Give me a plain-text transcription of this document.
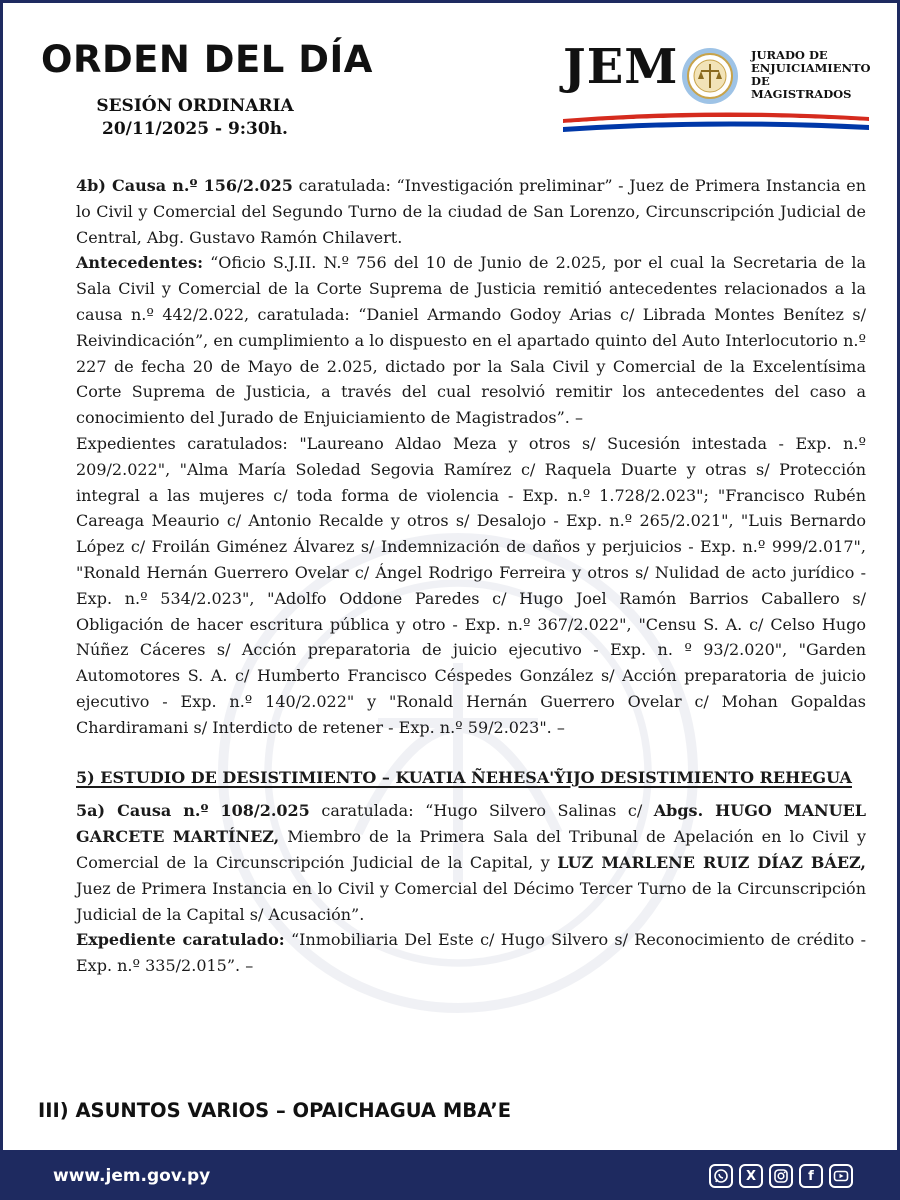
ORDEN DEL DÍA
SESIÓN ORDINARIA
20/11/2025 - 9:30h.
JEM	JURADO DE
ENJUICIAMIENTO
DE MAGISTRADOS

4b) Causa n.º 156/2.025 caratulada: “Investigación preliminar” - Juez de Primera Instancia en lo Civil y Comercial del Segundo Turno de la ciudad de San Lorenzo, Circunscripción Judicial de Central, Abg. Gustavo Ramón Chilavert.

Antecedentes: “Oficio S.J.II. N.º 756 del 10 de Junio de 2.025, por el cual la Secretaria de la Sala Civil y Comercial de la Corte Suprema de Justicia remitió antecedentes relacionados a la causa n.º 442/2.022, caratulada: “Daniel Armando Godoy Arias c/ Librada Montes Benítez s/ Reivindicación”, en cumplimiento a lo dispuesto en el apartado quinto del Auto Interlocutorio n.º 227 de fecha 20 de Mayo de 2.025, dictado por la Sala Civil y Comercial de la Excelentísima Corte Suprema de Justicia, a través del cual resolvió remitir los antecedentes del caso a conocimiento del Jurado de Enjuiciamiento de Magistrados”. –

Expedientes caratulados: "Laureano Aldao Meza y otros s/ Sucesión intestada - Exp. n.º 209/2.022", "Alma María Soledad Segovia Ramírez c/ Raquela Duarte y otras s/ Protección integral a las mujeres c/ toda forma de violencia - Exp. n.º 1.728/2.023"; "Francisco Rubén Careaga Meaurio c/ Antonio Recalde y otros s/ Desalojo - Exp. n.º 265/2.021", "Luis Bernardo López c/ Froilán Giménez Álvarez s/ Indemnización de daños y perjuicios - Exp. n.º 999/2.017", "Ronald Hernán Guerrero Ovelar c/ Ángel Rodrigo Ferreira y otros s/ Nulidad de acto jurídico - Exp. n.º 534/2.023", "Adolfo Oddone Paredes c/ Hugo Joel Ramón Barrios Caballero s/ Obligación de hacer escritura pública y otro - Exp. n.º 367/2.022", "Censu S. A. c/ Celso Hugo Núñez Cáceres s/ Acción preparatoria de juicio ejecutivo - Exp. n. º 93/2.020", "Garden Automotores S. A. c/ Humberto Francisco Céspedes González s/ Acción preparatoria de juicio ejecutivo - Exp. n.º 140/2.022" y "Ronald Hernán Guerrero Ovelar c/ Mohan Gopaldas Chardiramani s/ Interdicto de retener - Exp. n.º 59/2.023". –

5) ESTUDIO DE DESISTIMIENTO – KUATIA ÑEHESA'ỸIJO DESISTIMIENTO REHEGUA

5a) Causa n.º 108/2.025 caratulada: “Hugo Silvero Salinas c/ Abgs. HUGO MANUEL GARCETE MARTÍNEZ, Miembro de la Primera Sala del Tribunal de Apelación en lo Civil y Comercial de la Circunscripción Judicial de la Capital, y LUZ MARLENE RUIZ DÍAZ BÁEZ, Juez de Primera Instancia en lo Civil y Comercial del Décimo Tercer Turno de la Circunscripción Judicial de la Capital s/ Acusación”.

Expediente caratulado: “Inmobiliaria Del Este c/ Hugo Silvero s/ Reconocimiento de crédito - Exp. n.º 335/2.015”. –

III) ASUNTOS VARIOS – OPAICHAGUA MBA’E
www.jem.gov.py	X	f
